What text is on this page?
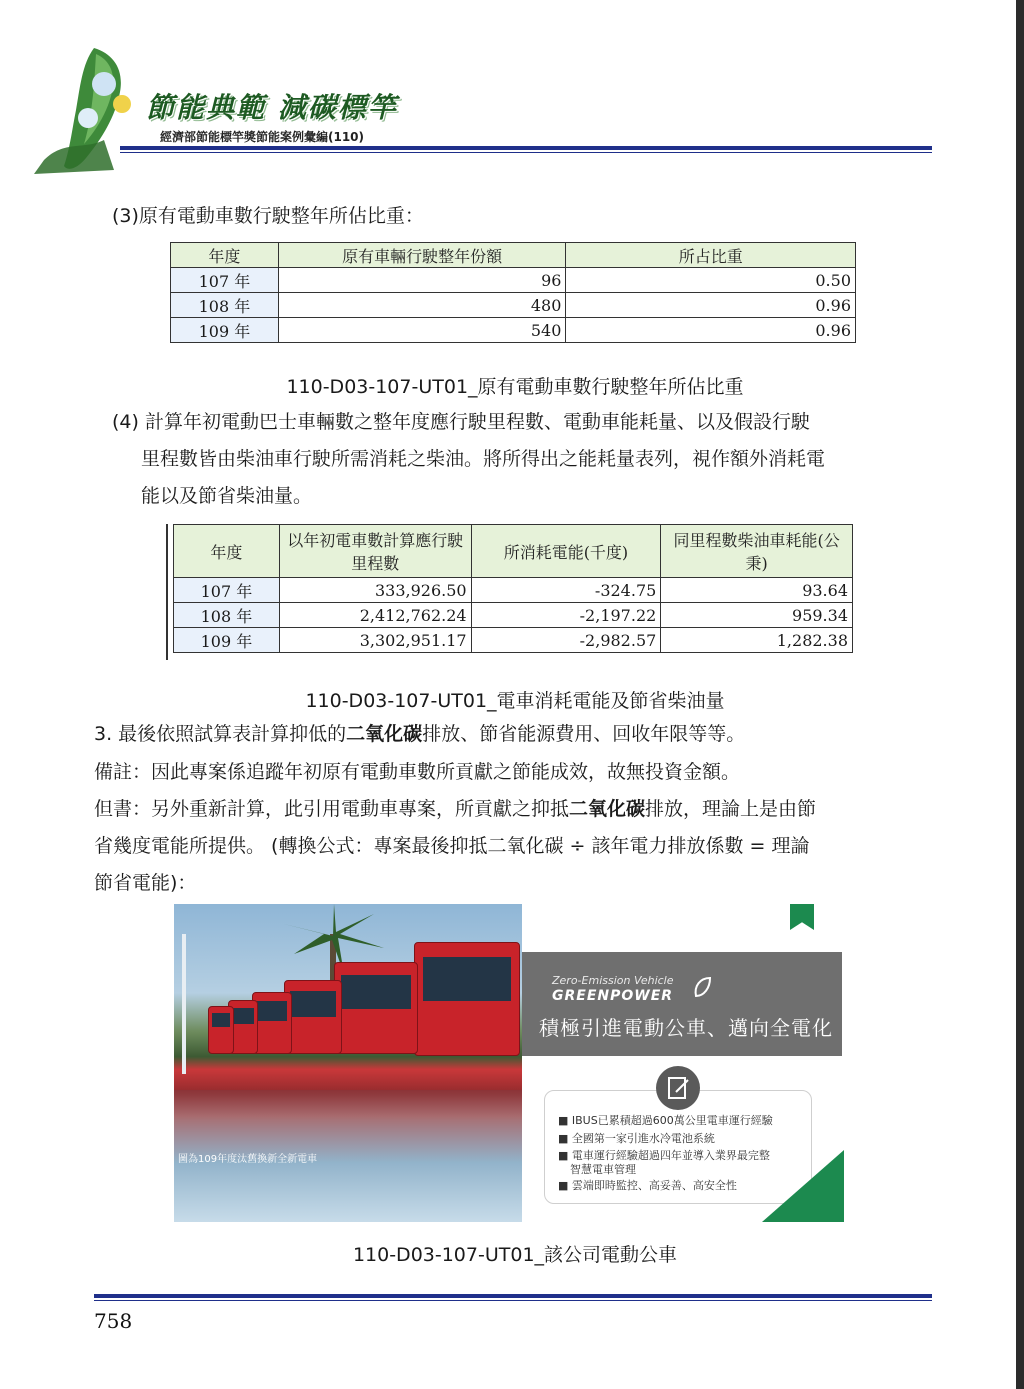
節能典範 減碳標竿
經濟部節能標竿獎節能案例彙編(110)
(3)原有電動車數行駛整年所佔比重：
年度	原有車輛行駛整年份額	所占比重
107 年	96	0.50
108 年	480	0.96
109 年	540	0.96
110-D03-107-UT01_原有電動車數行駛整年所佔比重
(4) 計算年初電動巴士車輛數之整年度應行駛里程數、電動車能耗量、以及假設行駛
里程數皆由柴油車行駛所需消耗之柴油。將所得出之能耗量表列，視作額外消耗電
能以及節省柴油量。
年度	以年初電車數計算應行駛里程數	所消耗電能(千度)	同里程數柴油車耗能(公秉)
107 年	333,926.50	-324.75	93.64
108 年	2,412,762.24	-2,197.22	959.34
109 年	3,302,951.17	-2,982.57	1,282.38
110-D03-107-UT01_電車消耗電能及節省柴油量
3. 最後依照試算表計算抑低的二氧化碳排放、節省能源費用、回收年限等等。
備註：因此專案係追蹤年初原有電動車數所貢獻之節能成效，故無投資金額。
但書：另外重新計算，此引用電動車專案，所貢獻之抑抵二氧化碳排放，理論上是由節
省幾度電能所提供。 (轉換公式：專案最後抑抵二氧化碳 ÷ 該年電力排放係數 = 理論
節省電能)：
圖為109年度汰舊換新全新電車
Zero-Emission Vehicle
GREENPOWER
積極引進電動公車、邁向全電化
■ IBUS已累積超過600萬公里電車運行經驗
■ 全國第一家引進水冷電池系統
■ 電車運行經驗超過四年並導入業界最完整
智慧電車管理
■ 雲端即時監控、高妥善、高安全性
110-D03-107-UT01_該公司電動公車
758
